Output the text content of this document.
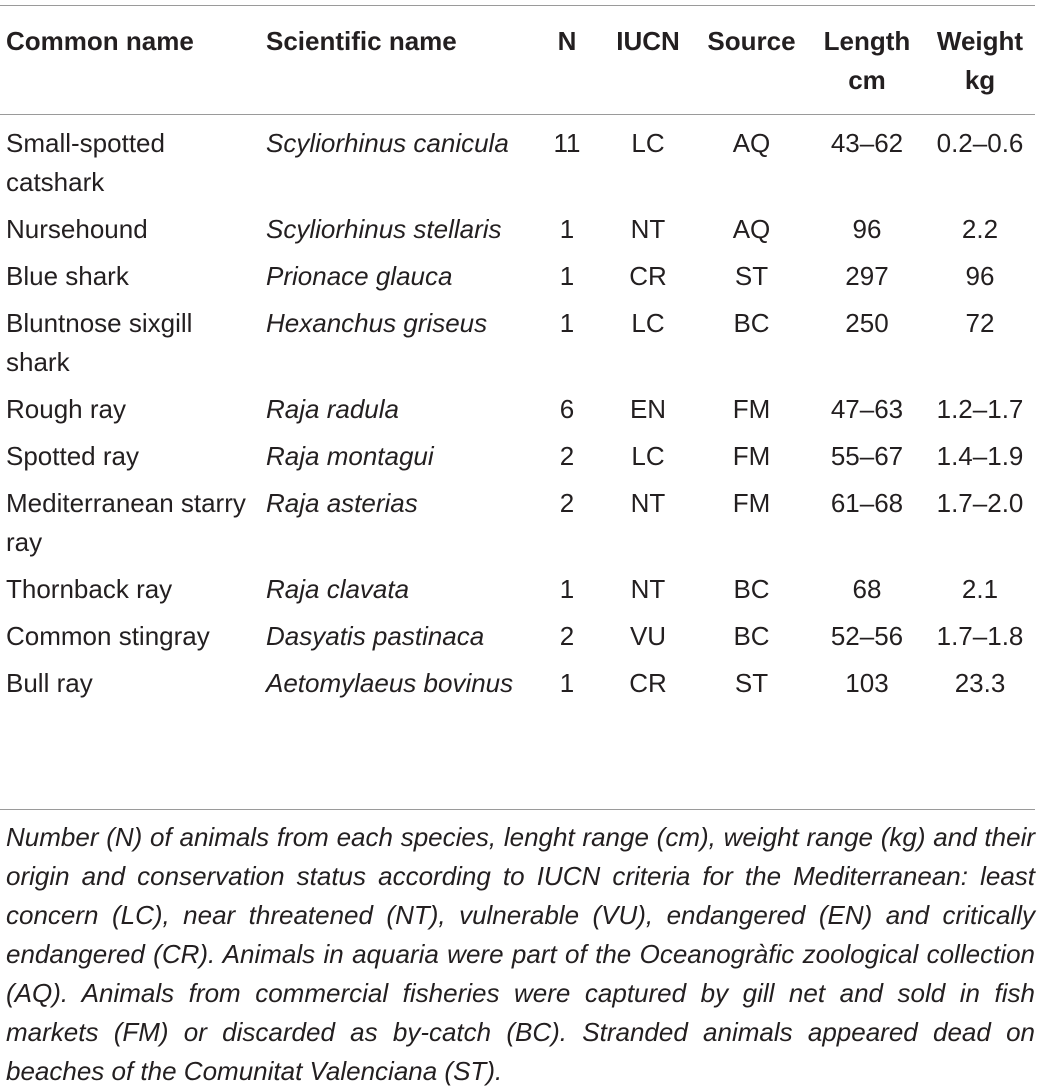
Common name	Scientific name	N	IUCN	Source	Length cm	Weight kg
Small-spotted catshark	Scyliorhinus canicula	11	LC	AQ	43–62	0.2–0.6
Nursehound	Scyliorhinus stellaris	1	NT	AQ	96	2.2
Blue shark	Prionace glauca	1	CR	ST	297	96
Bluntnose sixgill shark	Hexanchus griseus	1	LC	BC	250	72
Rough ray	Raja radula	6	EN	FM	47–63	1.2–1.7
Spotted ray	Raja montagui	2	LC	FM	55–67	1.4–1.9
Mediterranean starry ray	Raja asterias	2	NT	FM	61–68	1.7–2.0
Thornback ray	Raja clavata	1	NT	BC	68	2.1
Common stingray	Dasyatis pastinaca	2	VU	BC	52–56	1.7–1.8
Bull ray	Aetomylaeus bovinus	1	CR	ST	103	23.3
Number (N) of animals from each species, lenght range (cm), weight range (kg) and their origin and conservation status according to IUCN criteria for the Mediterranean: least concern (LC), near threatened (NT), vulnerable (VU), endangered (EN) and critically endangered (CR). Animals in aquaria were part of the Oceanogràfic zoological collection (AQ). Animals from commercial fisheries were captured by gill net and sold in fish markets (FM) or discarded as by-catch (BC). Stranded animals appeared dead on beaches of the Comunitat Valenciana (ST).
